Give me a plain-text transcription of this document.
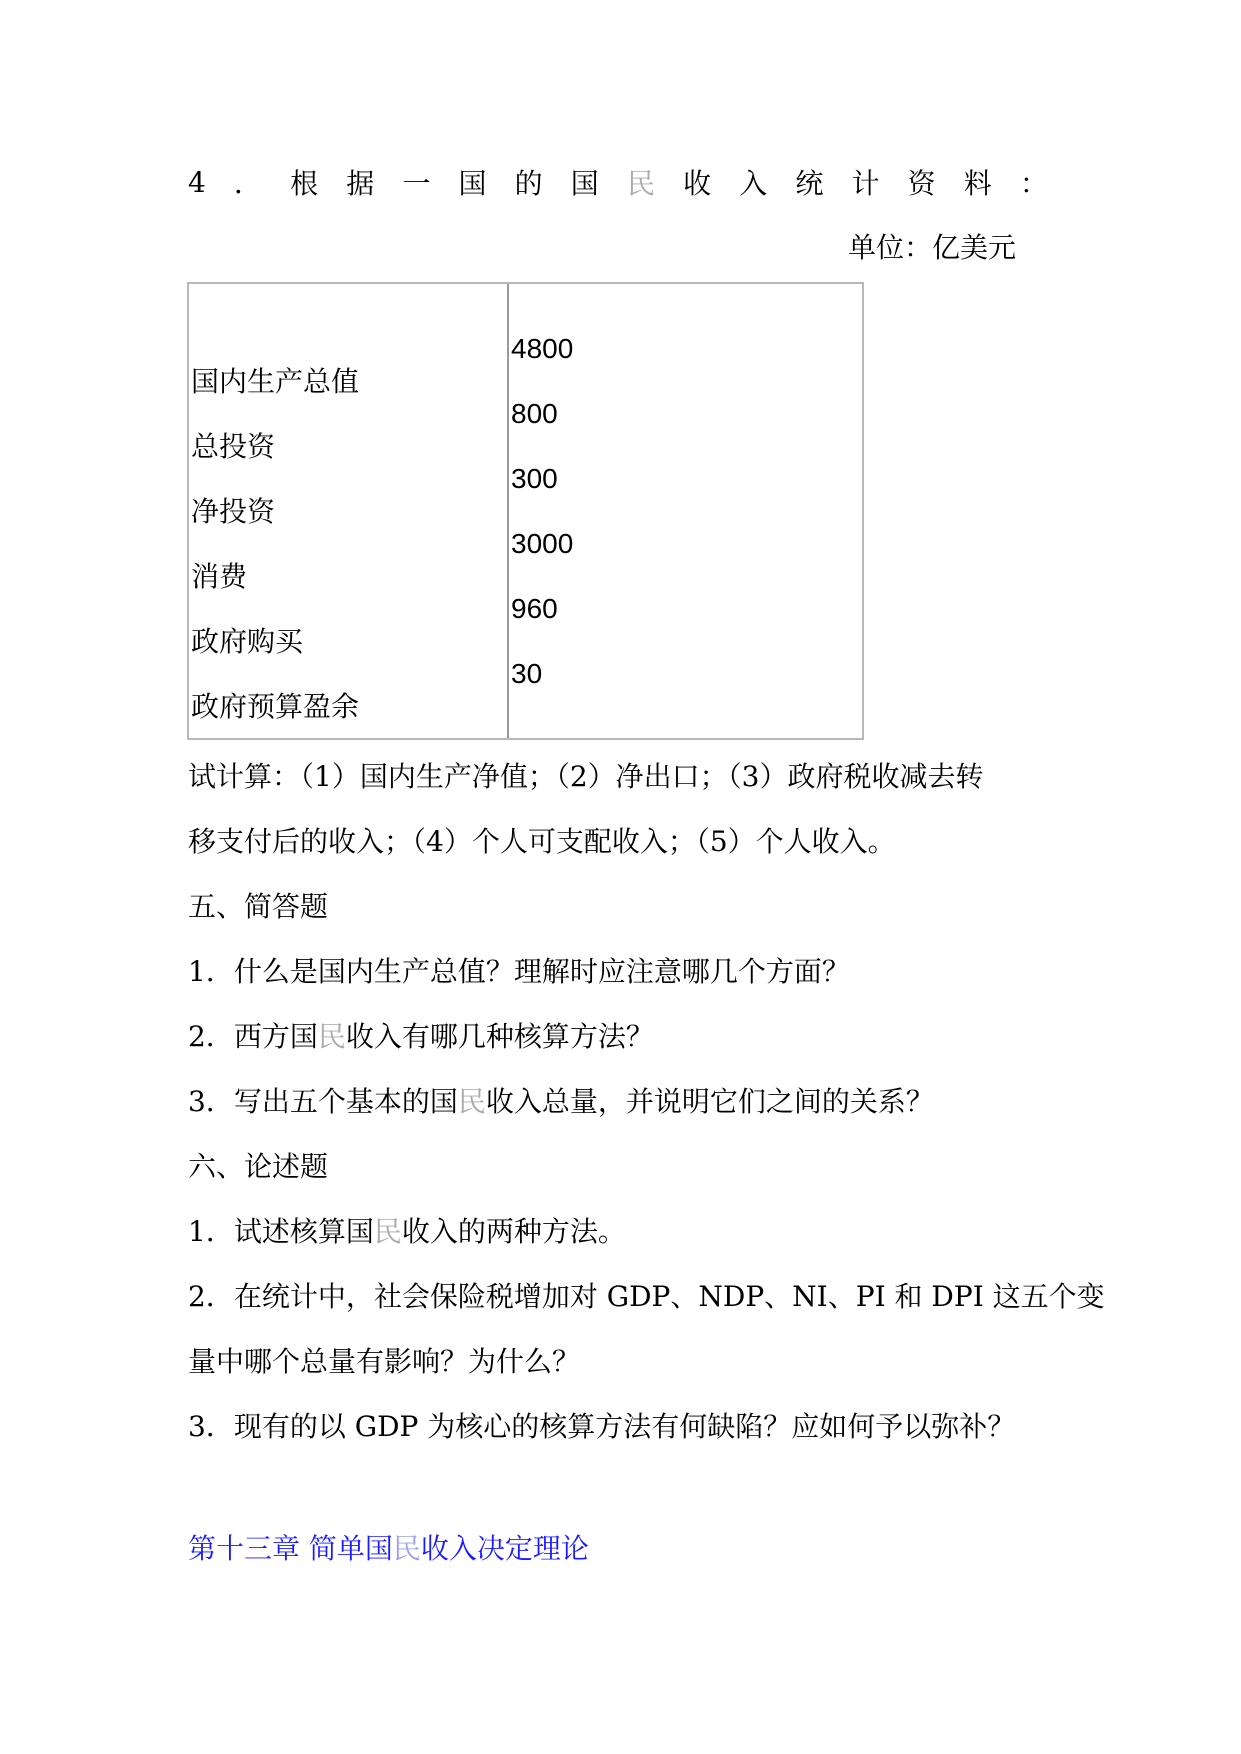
4 ． 根 据 一 国 的 国 民 收 入 统 计 资 料 ：
单位：亿美元
国内生产总值
总投资
净投资
消费
政府购买
政府预算盈余
4800
800
300
3000
960
30
试计算：（1）国内生产净值；（2）净出口；（3）政府税收减去转
移支付后的收入；（4）个人可支配收入；（5）个人收入。
五、简答题
1．什么是国内生产总值？理解时应注意哪几个方面？
2．西方国民收入有哪几种核算方法？
3．写出五个基本的国民收入总量，并说明它们之间的关系？
六、论述题
1．试述核算国民收入的两种方法。
2．在统计中，社会保险税增加对 GDP、NDP、NI、PI 和 DPI 这五个变
量中哪个总量有影响？为什么？
3．现有的以 GDP 为核心的核算方法有何缺陷？应如何予以弥补？
第十三章 简单国民收入决定理论
